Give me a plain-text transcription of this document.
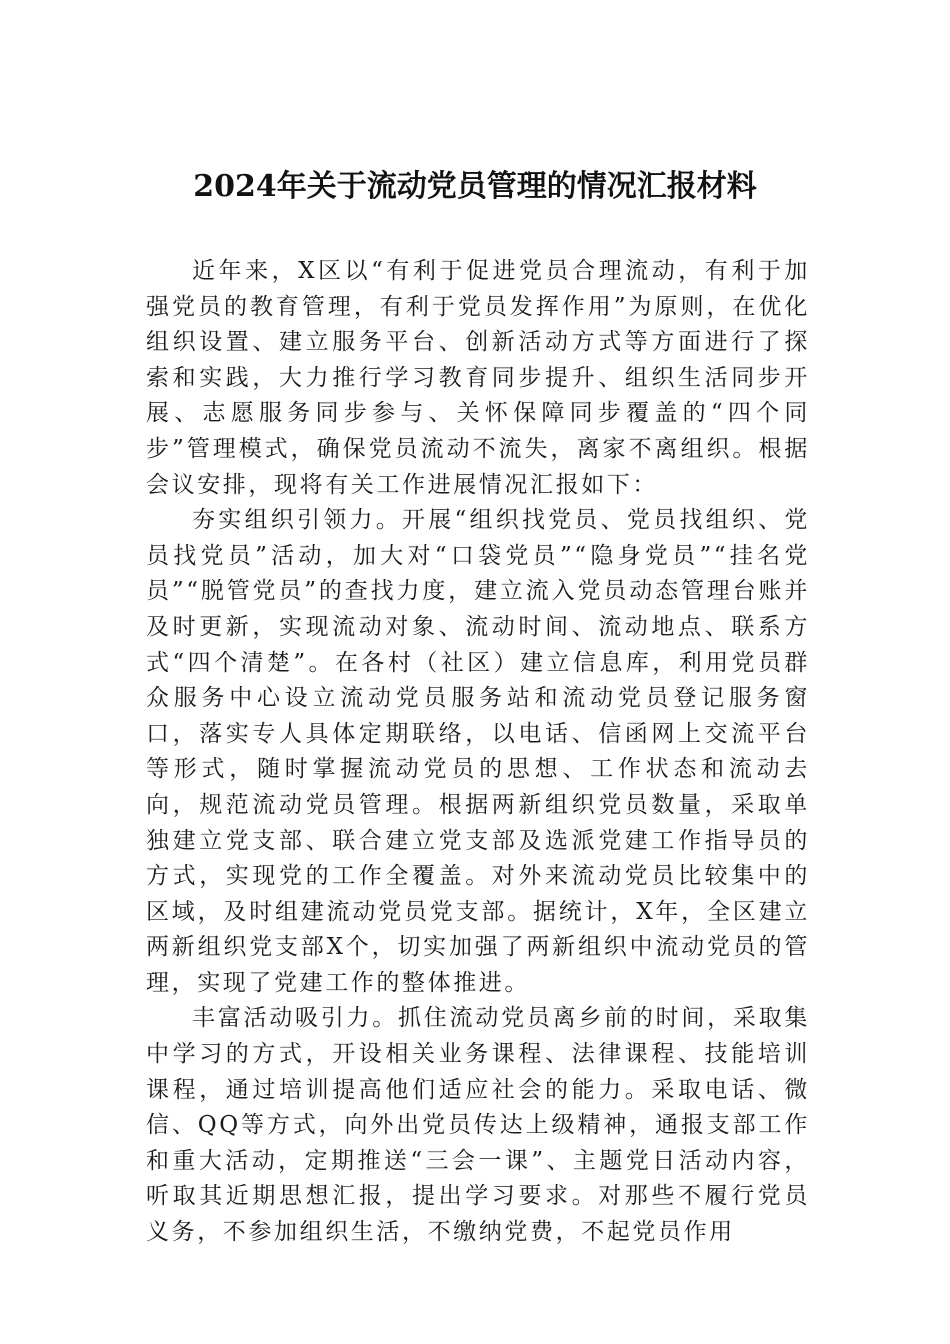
2024年关于流动党员管理的情况汇报材料

近年来，X区以“有利于促进党员合理流动，有利于加强党员的教育管理，有利于党员发挥作用”为原则，在优化组织设置、建立服务平台、创新活动方式等方面进行了探索和实践，大力推行学习教育同步提升、组织生活同步开展、志愿服务同步参与、关怀保障同步覆盖的“四个同步”管理模式，确保党员流动不流失，离家不离组织。根据会议安排，现将有关工作进展情况汇报如下：

夯实组织引领力。开展“组织找党员、党员找组织、党员找党员”活动，加大对“口袋党员”“隐身党员”“挂名党员”“脱管党员”的查找力度，建立流入党员动态管理台账并及时更新，实现流动对象、流动时间、流动地点、联系方式“四个清楚”。在各村（社区）建立信息库，利用党员群众服务中心设立流动党员服务站和流动党员登记服务窗口，落实专人具体定期联络，以电话、信函网上交流平台等形式，随时掌握流动党员的思想、工作状态和流动去向，规范流动党员管理。根据两新组织党员数量，采取单独建立党支部、联合建立党支部及选派党建工作指导员的方式，实现党的工作全覆盖。对外来流动党员比较集中的区域，及时组建流动党员党支部。据统计，X年，全区建立两新组织党支部X个，切实加强了两新组织中流动党员的管理，实现了党建工作的整体推进。

丰富活动吸引力。抓住流动党员离乡前的时间，采取集中学习的方式，开设相关业务课程、法律课程、技能培训课程，通过培训提高他们适应社会的能力。采取电话、微信、QQ等方式，向外出党员传达上级精神，通报支部工作和重大活动，定期推送“三会一课”、主题党日活动内容，听取其近期思想汇报，提出学习要求。对那些不履行党员义务，不参加组织生活，不缴纳党费，不起党员作用
